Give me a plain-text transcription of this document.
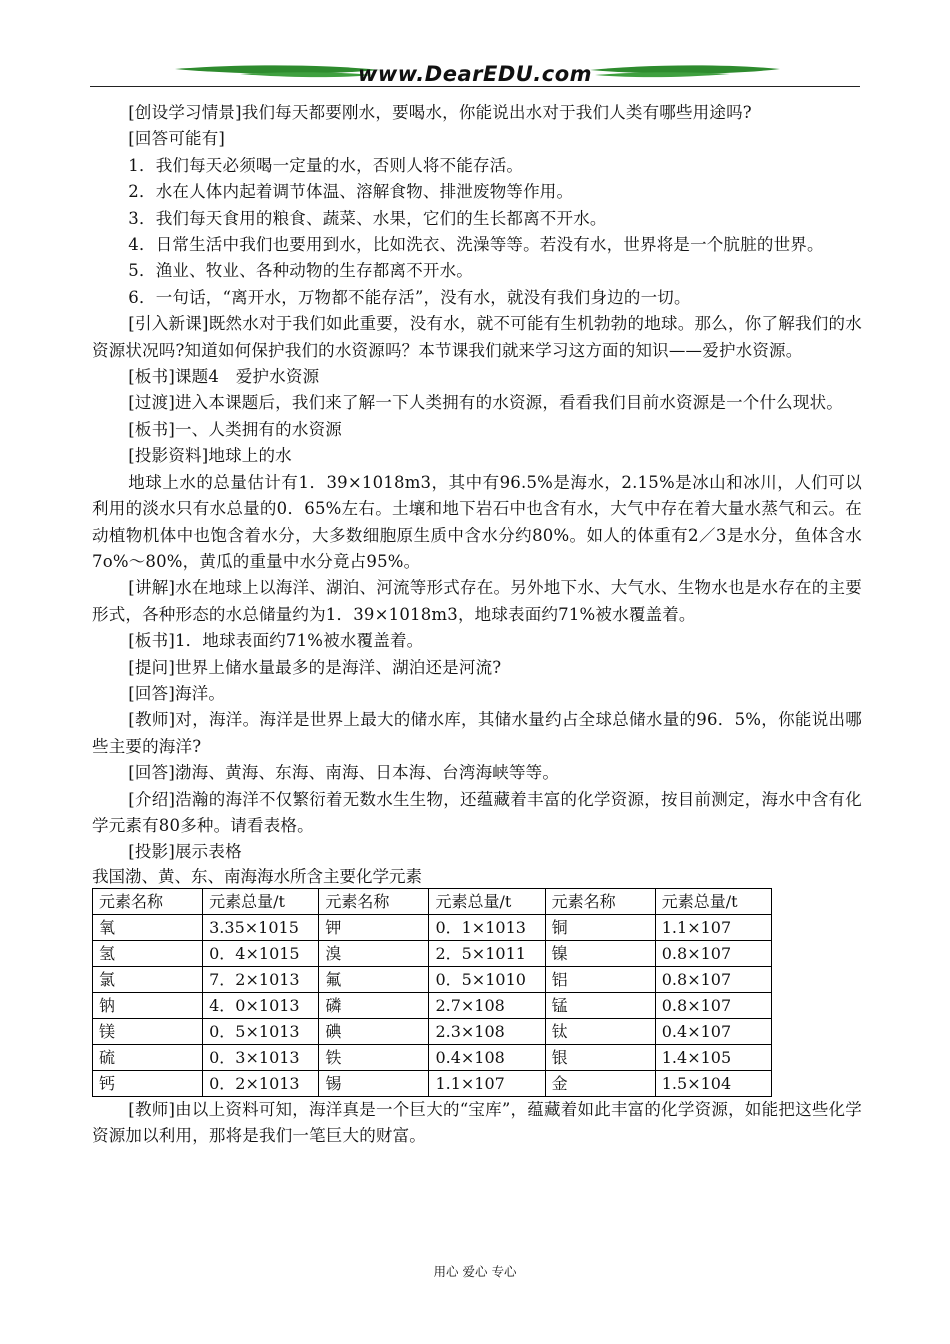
www.DearEDU.com

[创设学习情景]我们每天都要刚水，要喝水，你能说出水对于我们人类有哪些用途吗?

[回答可能有]

1．我们每天必须喝一定量的水，否则人将不能存活。

2．水在人体内起着调节体温、溶解食物、排泄废物等作用。

3．我们每天食用的粮食、蔬菜、水果，它们的生长都离不开水。

4．日常生活中我们也要用到水，比如洗衣、洗澡等等。若没有水，世界将是一个肮脏的世界。

5．渔业、牧业、各种动物的生存都离不开水。

6．一句话，“离开水，万物都不能存活”，没有水，就没有我们身边的一切。

[引入新课]既然水对于我们如此重要，没有水，就不可能有生机勃勃的地球。那么，你了解我们的水资源状况吗?知道如何保护我们的水资源吗？本节课我们就来学习这方面的知识——爱护水资源。

[板书]课题4　爱护水资源

[过渡]进入本课题后，我们来了解一下人类拥有的水资源，看看我们目前水资源是一个什么现状。

[板书]一、人类拥有的水资源

[投影资料]地球上的水

地球上水的总量估计有1．39×1018m3，其中有96.5%是海水，2.15%是冰山和冰川，人们可以利用的淡水只有水总量的0．65%左右。土壤和地下岩石中也含有水，大气中存在着大量水蒸气和云。在动植物机体中也饱含着水分，大多数细胞原生质中含水分约80%。如人的体重有2／3是水分，鱼体含水7o%～80%，黄瓜的重量中水分竟占95%。

[讲解]水在地球上以海洋、湖泊、河流等形式存在。另外地下水、大气水、生物水也是水存在的主要形式，各种形态的水总储量约为1．39×1018m3，地球表面约71%被水覆盖着。

[板书]1．地球表面约71%被水覆盖着。

[提问]世界上储水量最多的是海洋、湖泊还是河流?

[回答]海洋。

[教师]对，海洋。海洋是世界上最大的储水库，其储水量约占全球总储水量的96．5%，你能说出哪些主要的海洋?

[回答]渤海、黄海、东海、南海、日本海、台湾海峡等等。

[介绍]浩瀚的海洋不仅繁衍着无数水生生物，还蕴藏着丰富的化学资源，按目前测定，海水中含有化学元素有80多种。请看表格。

[投影]展示表格

我国渤、黄、东、南海海水所含主要化学元素

元素名称	元素总量/t	元素名称	元素总量/t	元素名称	元素总量/t
氧	3.35×1015	钾	0．1×1013	铜	1.1×107
氢	0．4×1015	溴	2．5×1011	镍	0.8×107
氯	7．2×1013	氟	0．5×1010	铝	0.8×107
钠	4．0×1013	磷	2.7×108	锰	0.8×107
镁	0．5×1013	碘	2.3×108	钛	0.4×107
硫	0．3×1013	铁	0.4×108	银	1.4×105
钙	0．2×1013	锡	1.1×107	金	1.5×104

[教师]由以上资料可知，海洋真是一个巨大的“宝库”，蕴藏着如此丰富的化学资源，如能把这些化学资源加以利用，那将是我们一笔巨大的财富。

用心 爱心 专心
